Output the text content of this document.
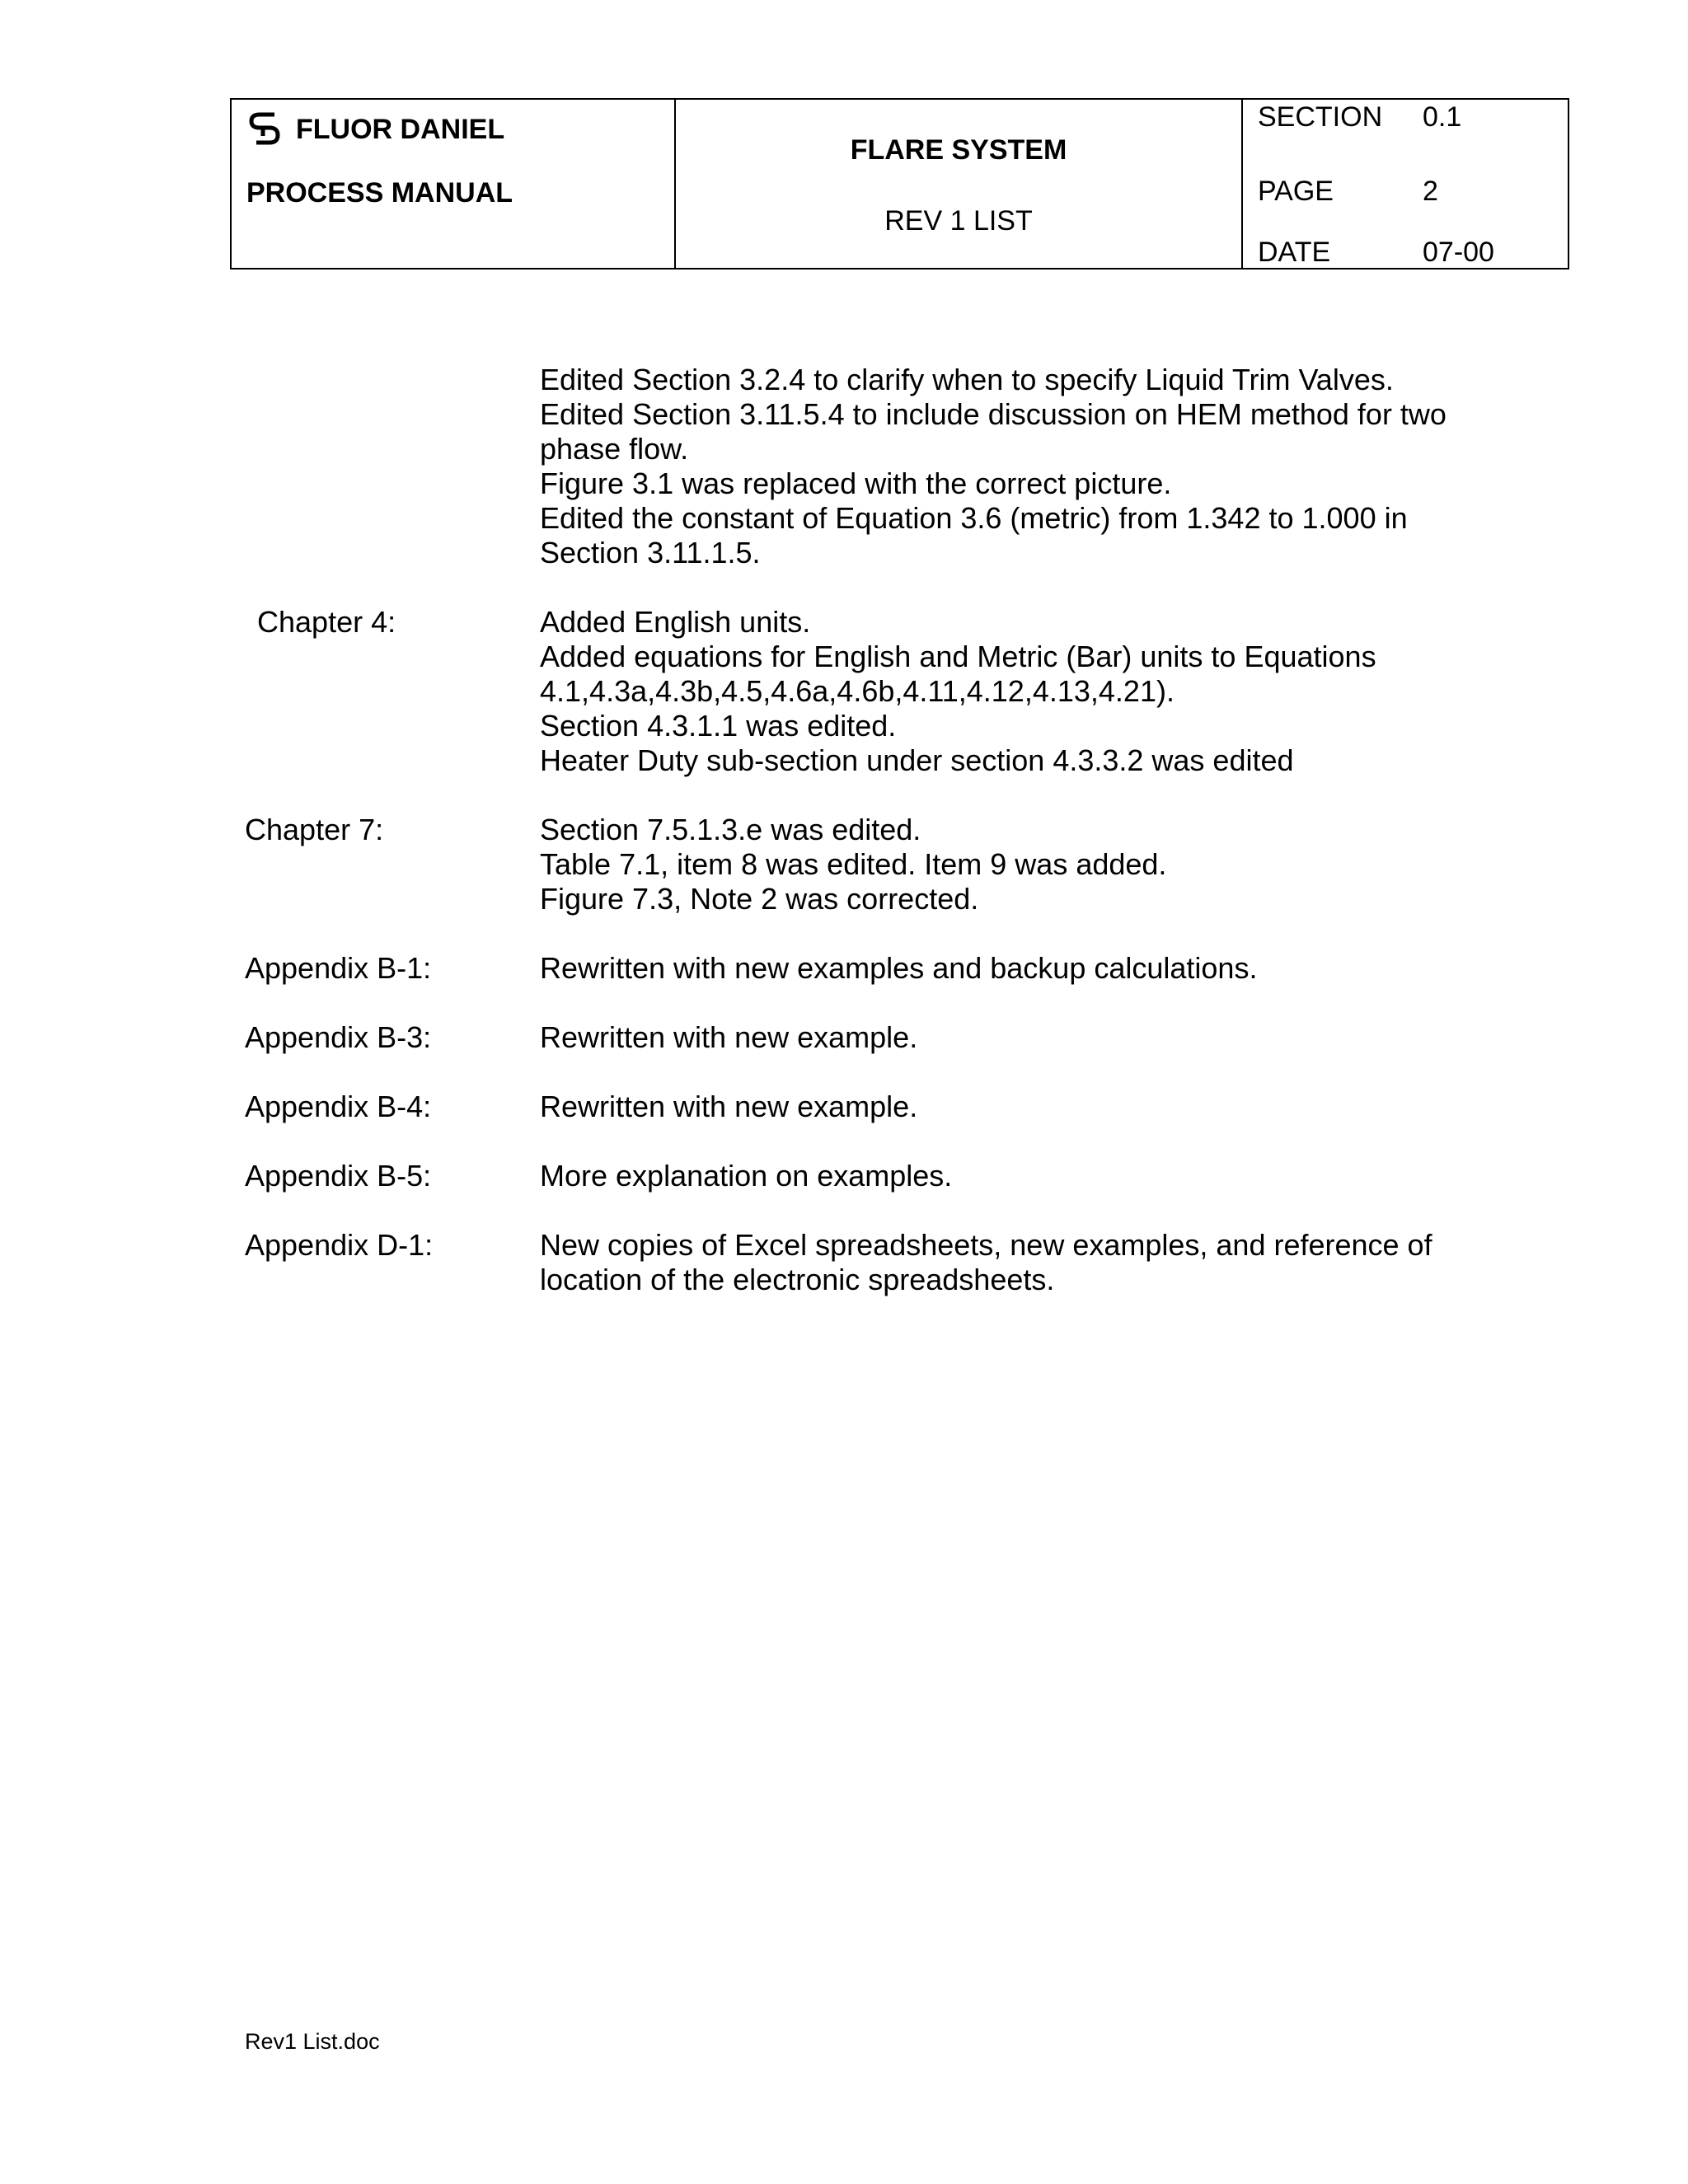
FLUOR DANIEL
PROCESS MANUAL
FLARE SYSTEM
REV 1 LIST
SECTION	0.1
PAGE	2
DATE	07-00
Edited Section 3.2.4 to clarify when to specify Liquid Trim Valves.
Edited Section 3.11.5.4 to include discussion on HEM method for two
phase flow.
Figure 3.1 was replaced with the correct picture.
Edited the constant of Equation 3.6 (metric) from 1.342 to 1.000 in
Section 3.11.1.5.
Chapter 4:	Added English units.
Added equations for English and Metric (Bar) units to Equations
4.1,4.3a,4.3b,4.5,4.6a,4.6b,4.11,4.12,4.13,4.21).
Section 4.3.1.1 was edited.
Heater Duty sub-section under section 4.3.3.2 was edited
Chapter 7:	Section 7.5.1.3.e was edited.
Table 7.1, item 8 was edited. Item 9 was added.
Figure 7.3, Note 2 was corrected.
Appendix B-1:	Rewritten with new examples and backup calculations.
Appendix B-3:	Rewritten with new example.
Appendix B-4:	Rewritten with new example.
Appendix B-5:	More explanation on examples.
Appendix D-1:	New copies of Excel spreadsheets, new examples, and reference of
location of the electronic spreadsheets.
Rev1 List.doc
